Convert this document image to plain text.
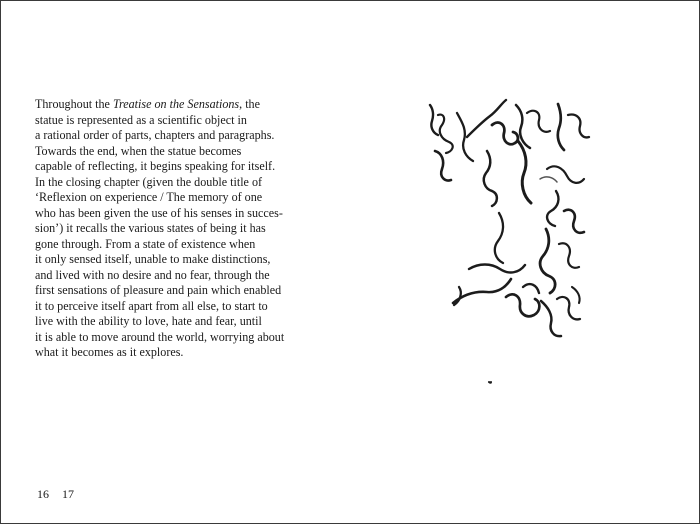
Throughout the Treatise on the Sensations, the
statue is represented as a scientific object in
a rational order of parts, chapters and paragraphs.
Towards the end, when the statue becomes
capable of reflecting, it begins speaking for itself.
In the closing chapter (given the double title of
‘Reflexion on experience / The memory of one
who has been given the use of his senses in succes-
sion’) it recalls the various states of being it has
gone through. From a state of existence when
it only sensed itself, unable to make distinctions,
and lived with no desire and no fear, through the
first sensations of pleasure and pain which enabled
it to perceive itself apart from all else, to start to
live with the ability to love, hate and fear, until
it is able to move around the world, worrying about
what it becomes as it explores.

16 17
